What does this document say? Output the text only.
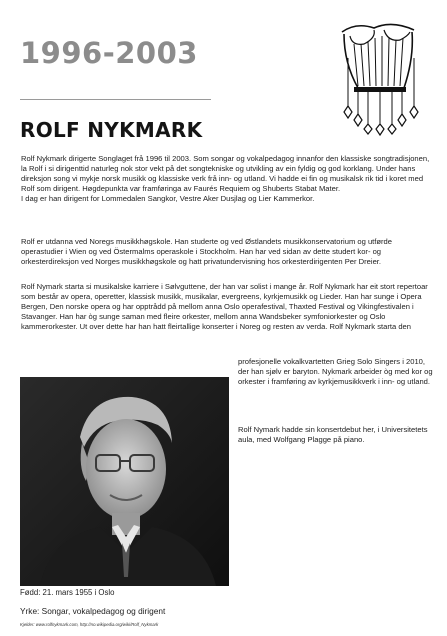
1996-2003
ROLF NYKMARK

Rolf Nykmark dirigerte Songlaget frå 1996 til 2003. Som songar og vokalpedagog innanfor den klassiske songtradisjonen, la Rolf i si dirigenttid naturleg nok stor vekt på det songtekniske og utvikling av ein fyldig og god korklang. Under hans direksjon song vi mykje norsk musikk og klassiske verk frå inn- og utland. Vi hadde ei fin og musikalsk rik tid i koret med Rolf som dirigent. Høgdepunkta var framføringa av Faurés Requiem og Shuberts Stabat Mater.
I dag er han dirigent for Lommedalen Sangkor, Vestre Aker Dusjlag og Lier Kammerkor.

Rolf er utdanna ved Noregs musikkhøgskole. Han studerte og ved Østlandets musikkonservatorium og utførde operastudier i Wien og ved Östermalms operaskole i Stockholm. Han har ved sidan av dette studert kor- og orkesterdireksjon ved Norges musikkhøgskole og hatt privatundervisning hos orkesterdirigenten Per Dreier.

Rolf Nymark starta si musikalske karriere i Sølvguttene, der han var solist i mange år. Rolf Nykmark har eit stort repertoar som består av opera, operetter, klassisk musikk, musikalar, evergreens, kyrkjemusikk og Lieder. Han har sunge i Opera Bergen, Den norske opera og har opptrådd på mellom anna Oslo operafestival, Thaxted Festival og Vikingfestivalen i Stavanger. Han har òg sunge saman med fleire orkester, mellom anna Wandsbeker symfoniorkester og Oslo kammerorkester. Ut over dette har han hatt fleirtallige konserter i Noreg og resten av verda. Rolf Nykmark starta den

profesjonelle vokalkvartetten Grieg Solo Singers i 2010, der han sjølv er baryton. Nykmark arbeider òg med kor og orkester i framføring av kyrkjemusikkverk i inn- og utland.

Rolf Nymark hadde sin konsertdebut her, i Universitetets aula, med Wolfgang Plagge på piano.

Fødd: 21. mars 1955 i Oslo

Yrke: Songar, vokalpedagog og dirigent

Kjelder: www.rolfnykmark.com, http://no.wikipedia.org/wiki/Rolf_Nykmark
